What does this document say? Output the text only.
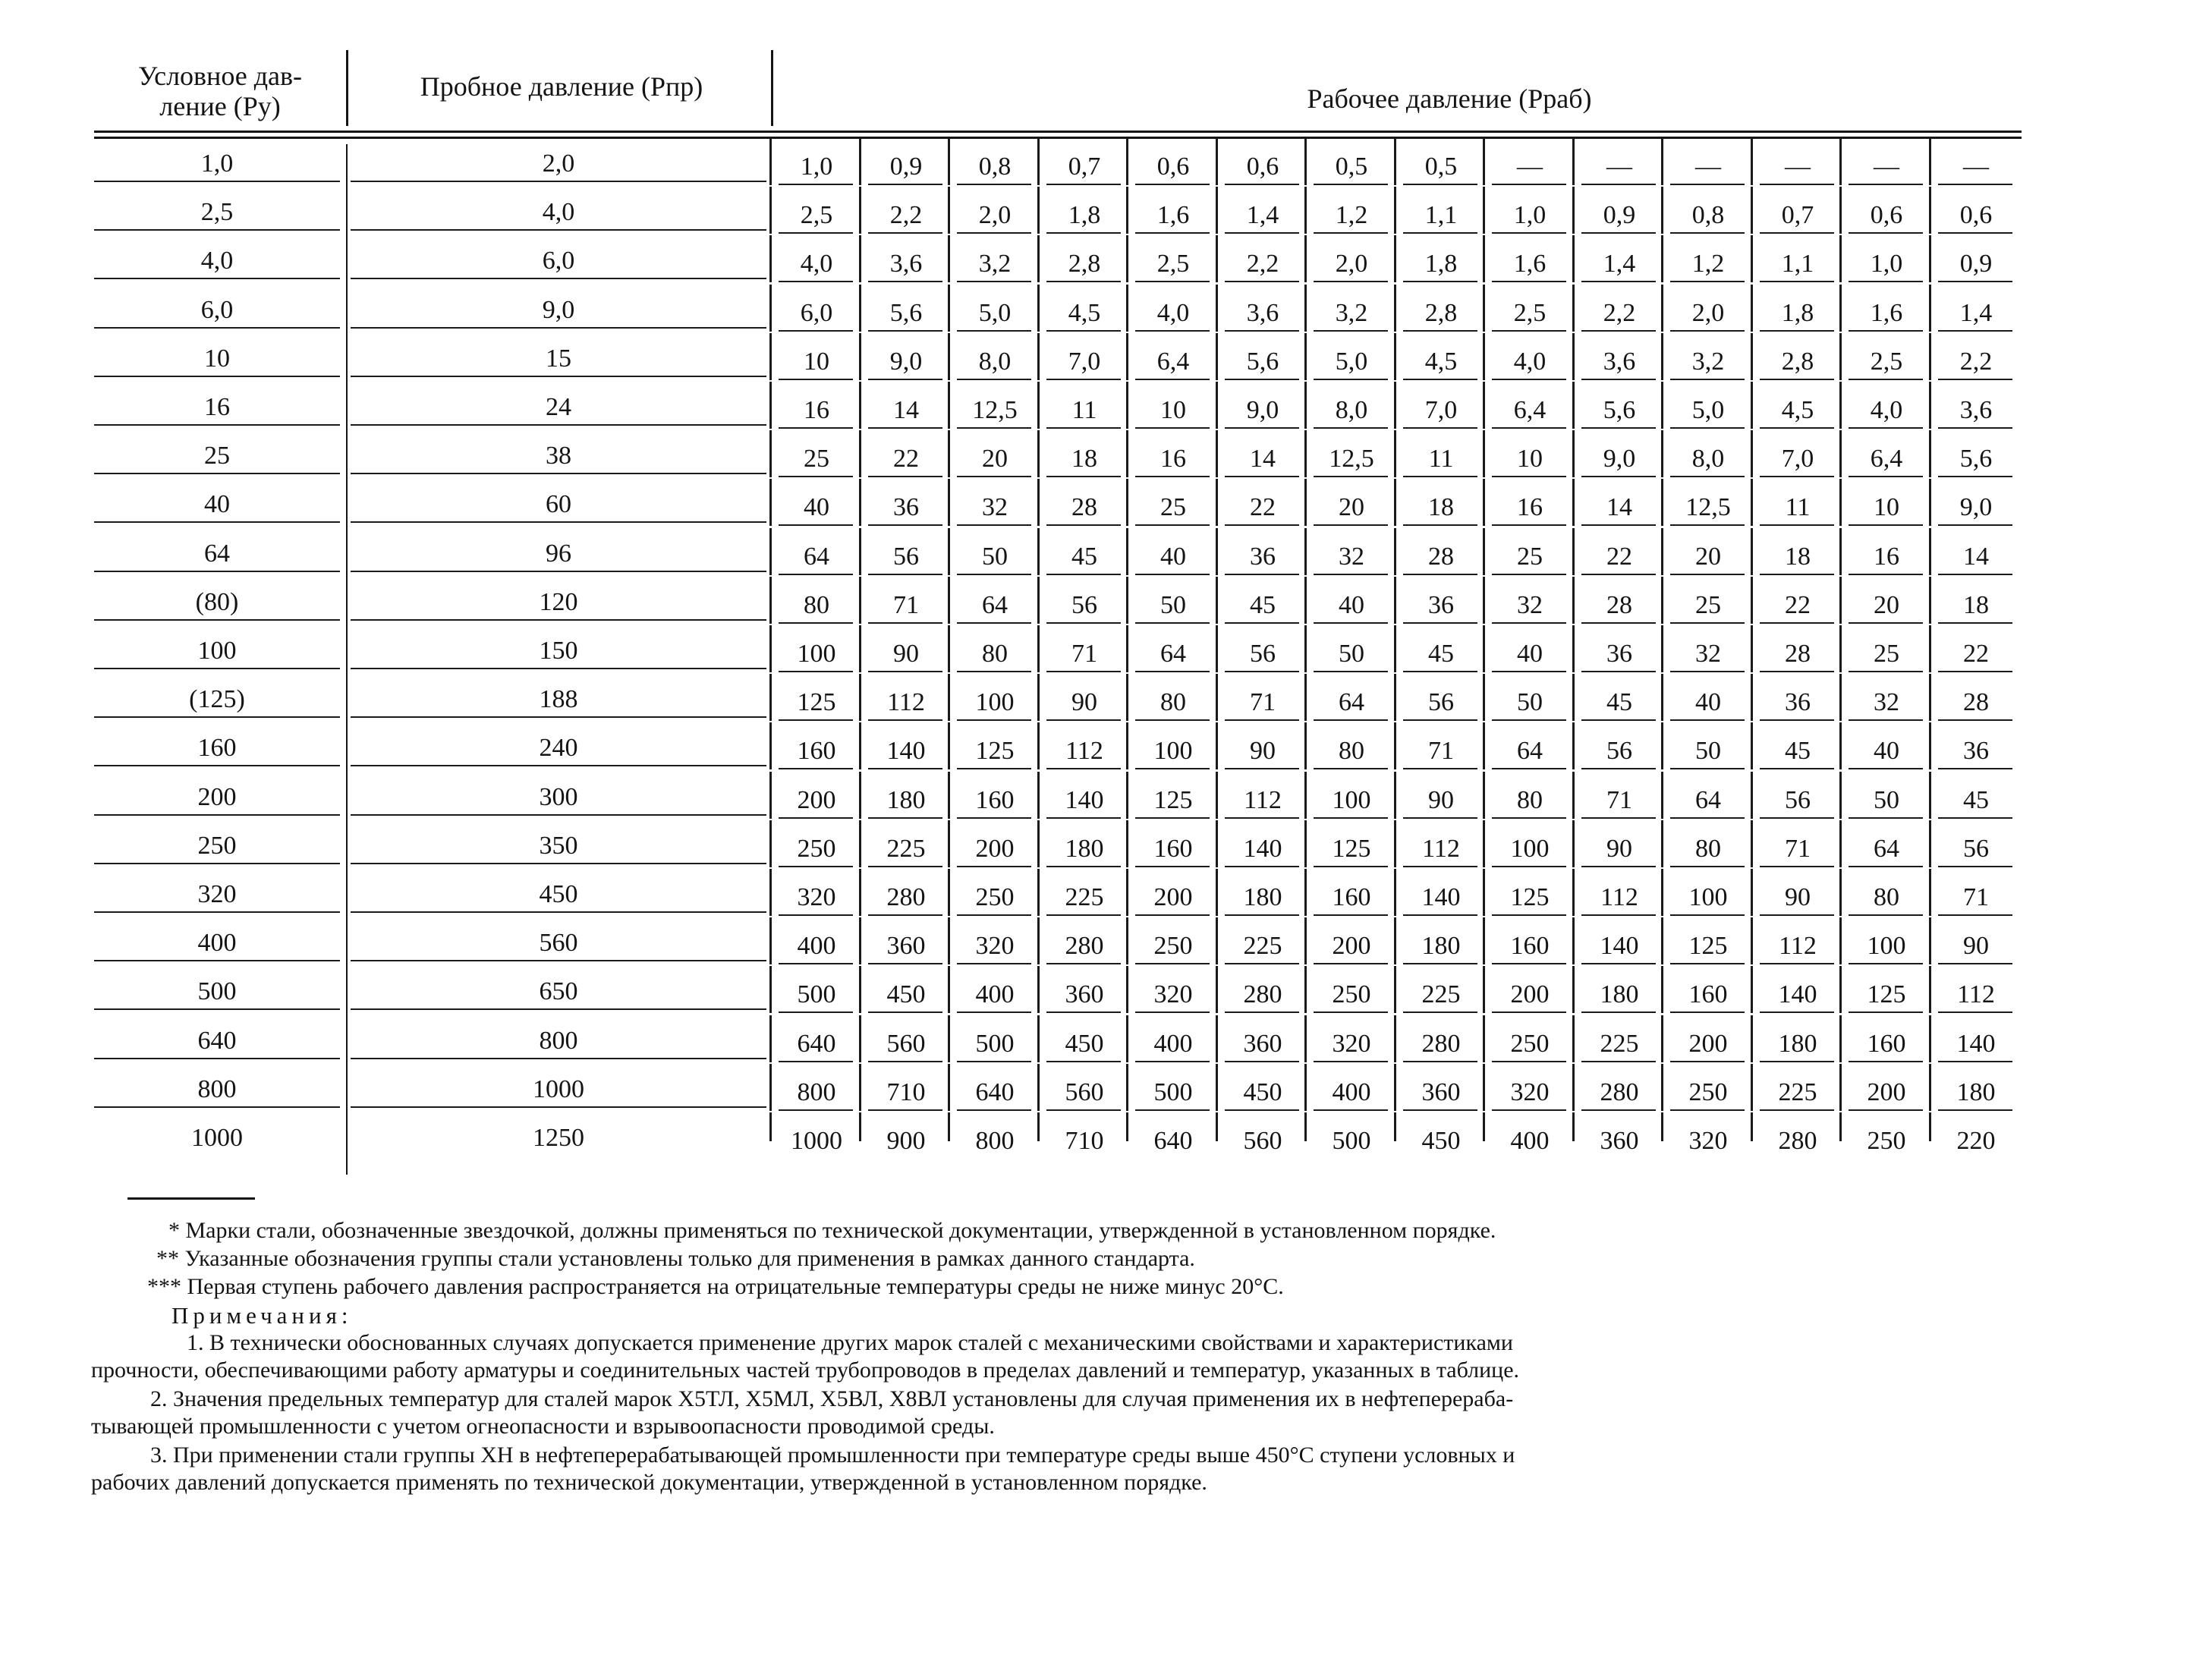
Условное дав-
ление (Pу)
Пробное давление (Pпр)	Рабочее давление (Pраб)
1,0	2,0	1,0	0,9	0,8	0,7	0,6	0,6	0,5	0,5	—	—	—	—	—	—
2,5	4,0	2,5	2,2	2,0	1,8	1,6	1,4	1,2	1,1	1,0	0,9	0,8	0,7	0,6	0,6
4,0	6,0	4,0	3,6	3,2	2,8	2,5	2,2	2,0	1,8	1,6	1,4	1,2	1,1	1,0	0,9
6,0	9,0	6,0	5,6	5,0	4,5	4,0	3,6	3,2	2,8	2,5	2,2	2,0	1,8	1,6	1,4
10	15	10	9,0	8,0	7,0	6,4	5,6	5,0	4,5	4,0	3,6	3,2	2,8	2,5	2,2
16	24	16	14	12,5	11	10	9,0	8,0	7,0	6,4	5,6	5,0	4,5	4,0	3,6
25	38	25	22	20	18	16	14	12,5	11	10	9,0	8,0	7,0	6,4	5,6
40	60	40	36	32	28	25	22	20	18	16	14	12,5	11	10	9,0
64	96	64	56	50	45	40	36	32	28	25	22	20	18	16	14
(80)	120	80	71	64	56	50	45	40	36	32	28	25	22	20	18
100	150	100	90	80	71	64	56	50	45	40	36	32	28	25	22
(125)	188	125	112	100	90	80	71	64	56	50	45	40	36	32	28
160	240	160	140	125	112	100	90	80	71	64	56	50	45	40	36
200	300	200	180	160	140	125	112	100	90	80	71	64	56	50	45
250	350	250	225	200	180	160	140	125	112	100	90	80	71	64	56
320	450	320	280	250	225	200	180	160	140	125	112	100	90	80	71
400	560	400	360	320	280	250	225	200	180	160	140	125	112	100	90
500	650	500	450	400	360	320	280	250	225	200	180	160	140	125	112
640	800	640	560	500	450	400	360	320	280	250	225	200	180	160	140
800	1000	800	710	640	560	500	450	400	360	320	280	250	225	200	180
1000	1250	1000	900	800	710	640	560	500	450	400	360	320	280	250	220
* Марки стали, обозначенные звездочкой, должны применяться по технической документации, утвержденной в установленном порядке.
** Указанные обозначения группы стали установлены только для применения в рамках данного стандарта.
*** Первая ступень рабочего давления распространяется на отрицательные температуры среды не ниже минус 20°С.
Примечания:
1. В технически обоснованных случаях допускается применение других марок сталей с механическими свойствами и характеристиками
прочности, обеспечивающими работу арматуры и соединительных частей трубопроводов в пределах давлений и температур, указанных в таблице.
2. Значения предельных температур для сталей марок Х5ТЛ, Х5МЛ, Х5ВЛ, Х8ВЛ установлены для случая применения их в нефтеперераба-
тывающей промышленности с учетом огнеопасности и взрывоопасности проводимой среды.
3. При применении стали группы ХН в нефтеперерабатывающей промышленности при температуре среды выше 450°С ступени условных и
рабочих давлений допускается применять по технической документации, утвержденной в установленном порядке.
